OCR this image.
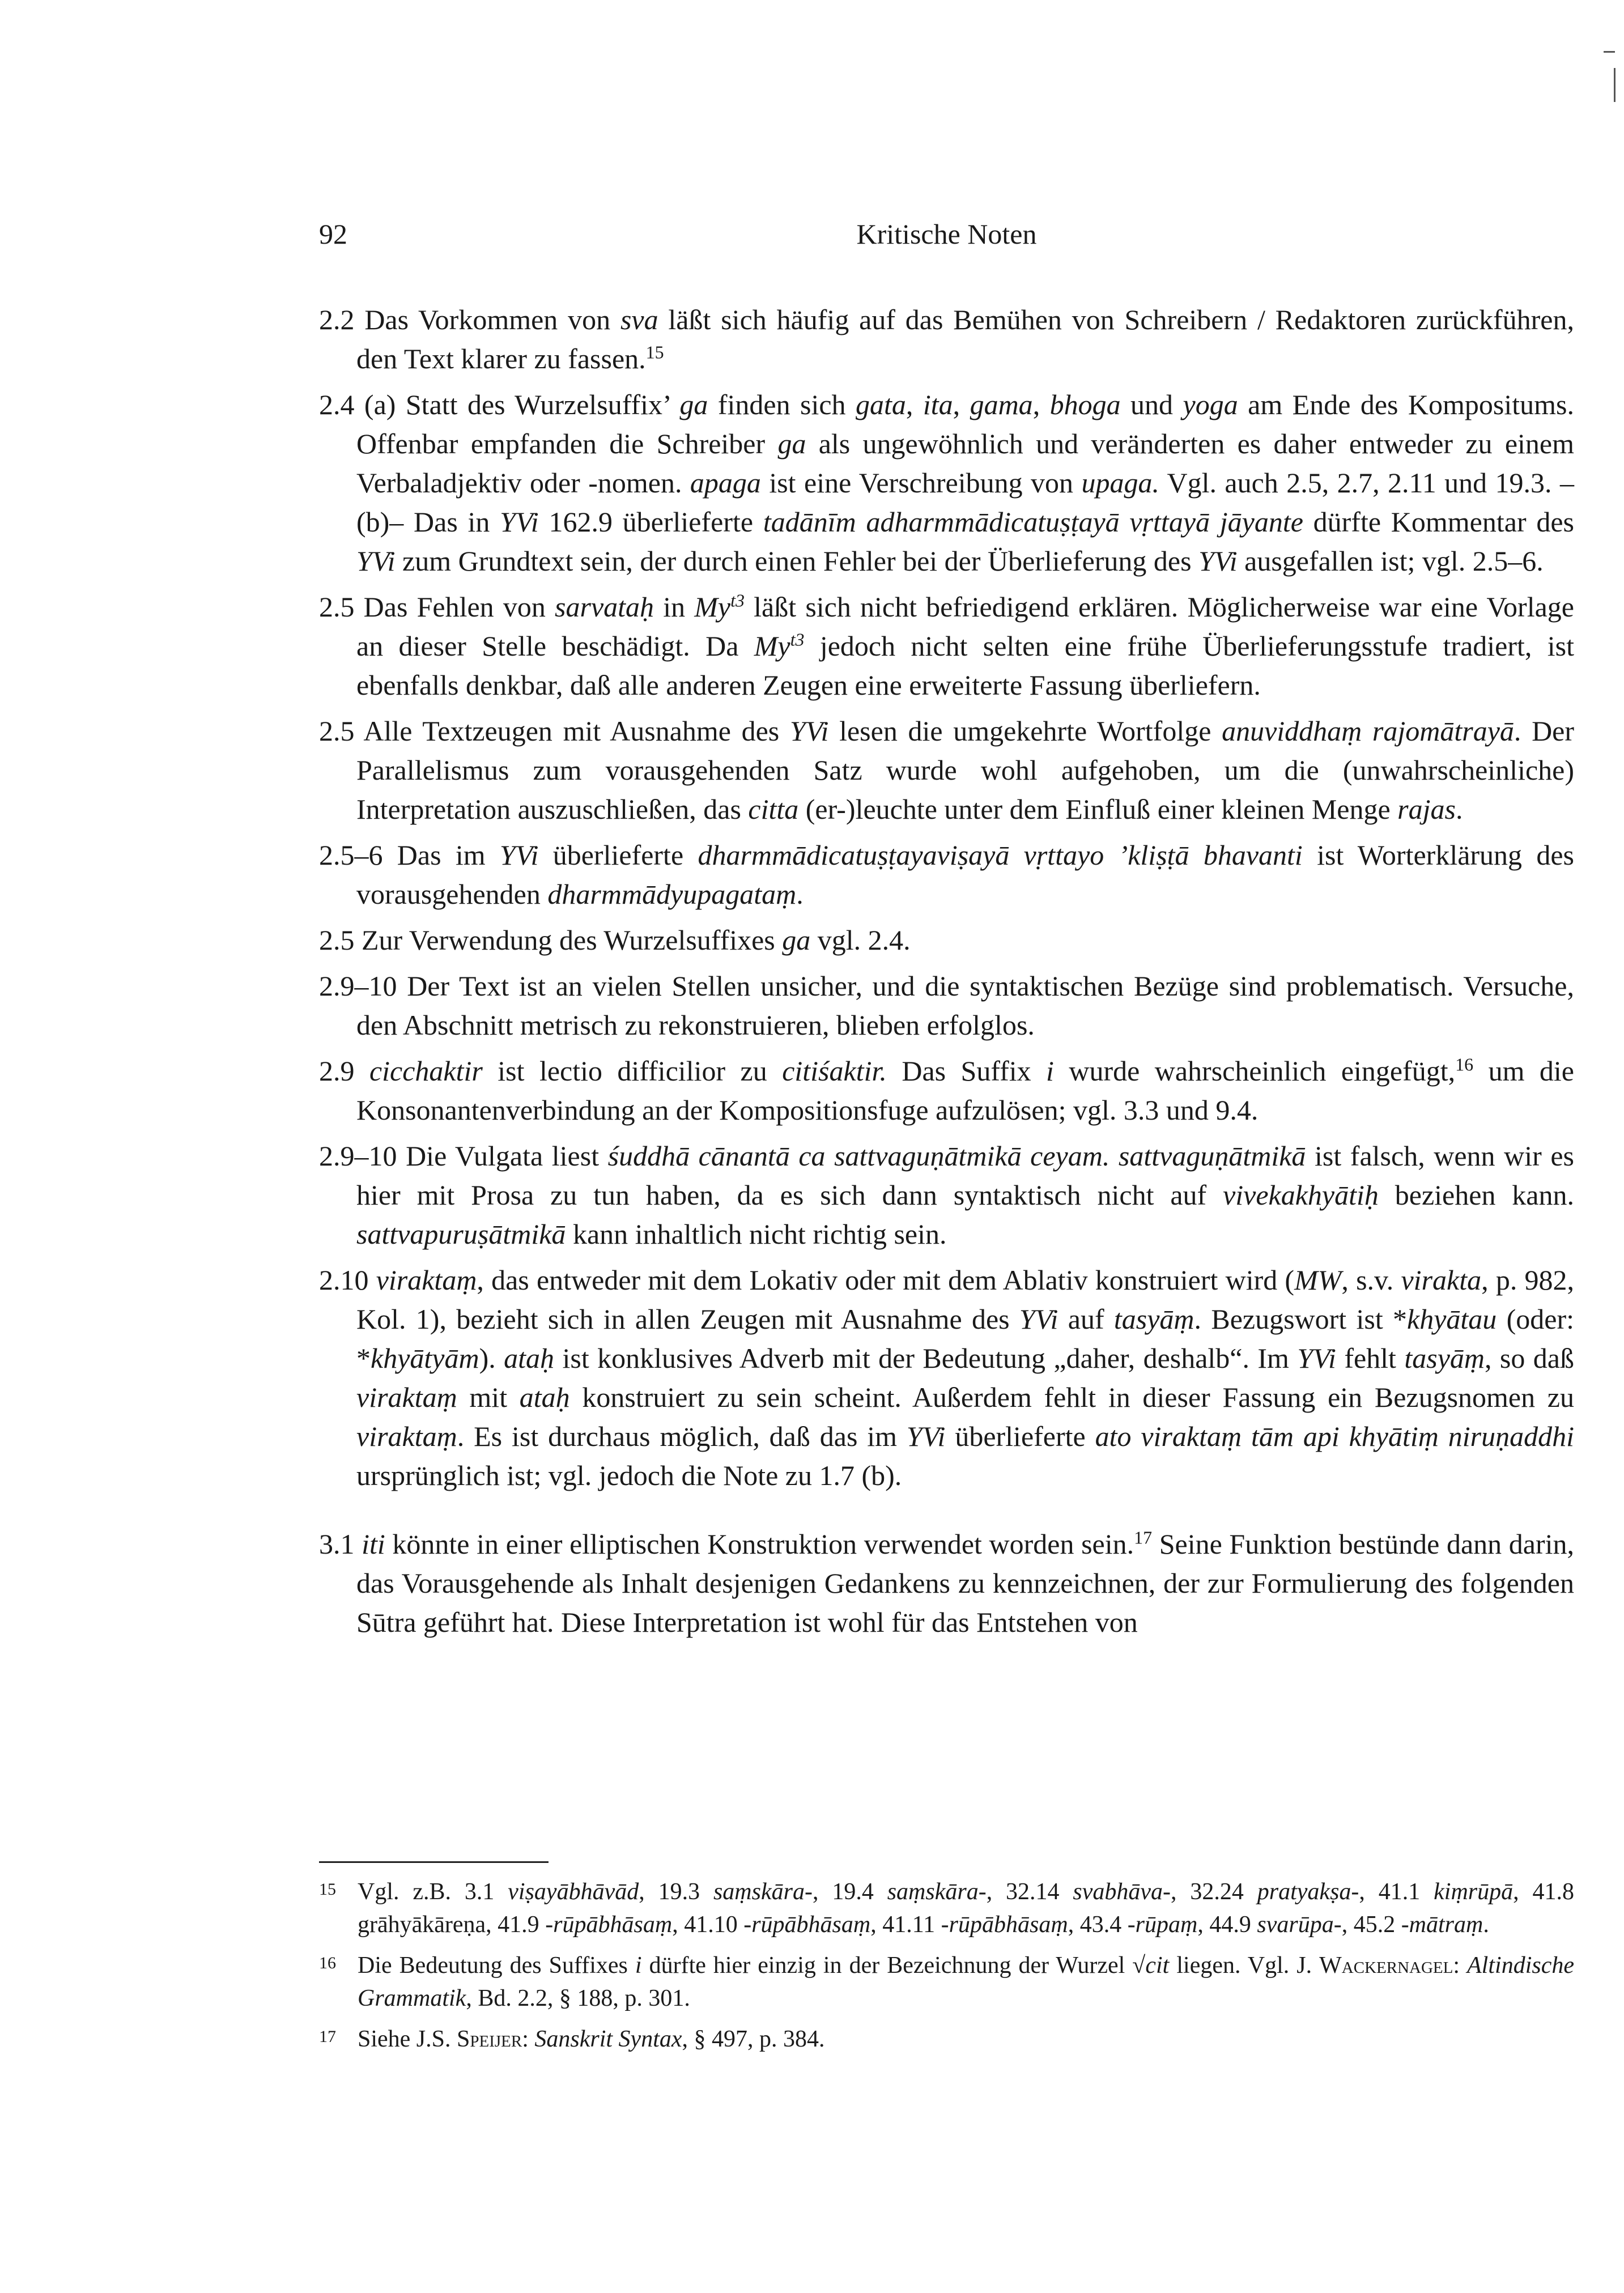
92	Kritische Noten

2.2 Das Vorkommen von sva läßt sich häufig auf das Bemühen von Schreibern / Redaktoren zurückführen, den Text klarer zu fassen.$^{15}$

2.4 (a) Statt des Wurzelsuffix’ ga finden sich gata, ita, gama, bhoga und yoga am Ende des Kompositums. Offenbar empfanden die Schreiber ga als ungewöhnlich und veränderten es daher entweder zu einem Verbaladjektiv oder -nomen. apaga ist eine Verschreibung von upaga. Vgl. auch 2.5, 2.7, 2.11 und 19.3. –(b)– Das in YVi 162.9 überlieferte tadānīm adharmmādicatuṣṭayā vṛttayā jāyante dürfte Kommentar des YVi zum Grundtext sein, der durch einen Fehler bei der Überlieferung des YVi ausgefallen ist; vgl. 2.5–6.

2.5 Das Fehlen von sarvataḥ in $My^{t3}$ läßt sich nicht befriedigend erklären. Möglicherweise war eine Vorlage an dieser Stelle beschädigt. Da $My^{t3}$ jedoch nicht selten eine frühe Überlieferungsstufe tradiert, ist ebenfalls denkbar, daß alle anderen Zeugen eine erweiterte Fassung überliefern.

2.5 Alle Textzeugen mit Ausnahme des YVi lesen die umgekehrte Wortfolge anuviddhaṃ rajomātrayā. Der Parallelismus zum vorausgehenden Satz wurde wohl aufgehoben, um die (unwahrscheinliche) Interpretation auszuschließen, das citta (er-)leuchte unter dem Einfluß einer kleinen Menge rajas.

2.5–6 Das im YVi überlieferte dharmmādicatuṣṭayaviṣayā vṛttayo ’kliṣṭā bhavanti ist Worterklärung des vorausgehenden dharmmādyupagataṃ.

2.5 Zur Verwendung des Wurzelsuffixes ga vgl. 2.4.

2.9–10 Der Text ist an vielen Stellen unsicher, und die syntaktischen Bezüge sind problematisch. Versuche, den Abschnitt metrisch zu rekonstruieren, blieben erfolglos.

2.9 cicchaktir ist lectio difficilior zu citiśaktir. Das Suffix i wurde wahrscheinlich eingefügt,$^{16}$ um die Konsonantenverbindung an der Kompositionsfuge aufzulösen; vgl. 3.3 und 9.4.

2.9–10 Die Vulgata liest śuddhā cānantā ca sattvaguṇātmikā ceyam. sattvaguṇātmikā ist falsch, wenn wir es hier mit Prosa zu tun haben, da es sich dann syntaktisch nicht auf vivekakhyātiḥ beziehen kann. sattvapuruṣātmikā kann inhaltlich nicht richtig sein.

2.10 viraktaṃ, das entweder mit dem Lokativ oder mit dem Ablativ konstruiert wird (MW, s.v. virakta, p. 982, Kol. 1), bezieht sich in allen Zeugen mit Ausnahme des YVi auf tasyāṃ. Bezugswort ist *khyātau (oder: *khyātyām). ataḥ ist konklusives Adverb mit der Bedeutung „daher, deshalb“. Im YVi fehlt tasyāṃ, so daß viraktaṃ mit ataḥ konstruiert zu sein scheint. Außerdem fehlt in dieser Fassung ein Bezugsnomen zu viraktaṃ. Es ist durchaus möglich, daß das im YVi überlieferte ato viraktaṃ tām api khyātiṃ niruṇaddhi ursprünglich ist; vgl. jedoch die Note zu 1.7 (b).

3.1 iti könnte in einer elliptischen Konstruktion verwendet worden sein.$^{17}$ Seine Funktion bestünde dann darin, das Vorausgehende als Inhalt desjenigen Gedankens zu kennzeichnen, der zur Formulierung des folgenden Sūtra geführt hat. Diese Interpretation ist wohl für das Entstehen von

15 Vgl. z.B. 3.1 viṣayābhāvād, 19.3 saṃskāra-, 19.4 saṃskāra-, 32.14 svabhāva-, 32.24 pratyakṣa-, 41.1 kiṃrūpā, 41.8 grāhyākāreṇa, 41.9 -rūpābhāsaṃ, 41.10 -rūpābhāsaṃ, 41.11 -rūpābhāsaṃ, 43.4 -rūpaṃ, 44.9 svarūpa-, 45.2 -mātraṃ.
16 Die Bedeutung des Suffixes i dürfte hier einzig in der Bezeichnung der Wurzel √cit liegen. Vgl. J. Wackernagel: Altindische Grammatik, Bd. 2.2, § 188, p. 301.
17 Siehe J.S. Speijer: Sanskrit Syntax, § 497, p. 384.
